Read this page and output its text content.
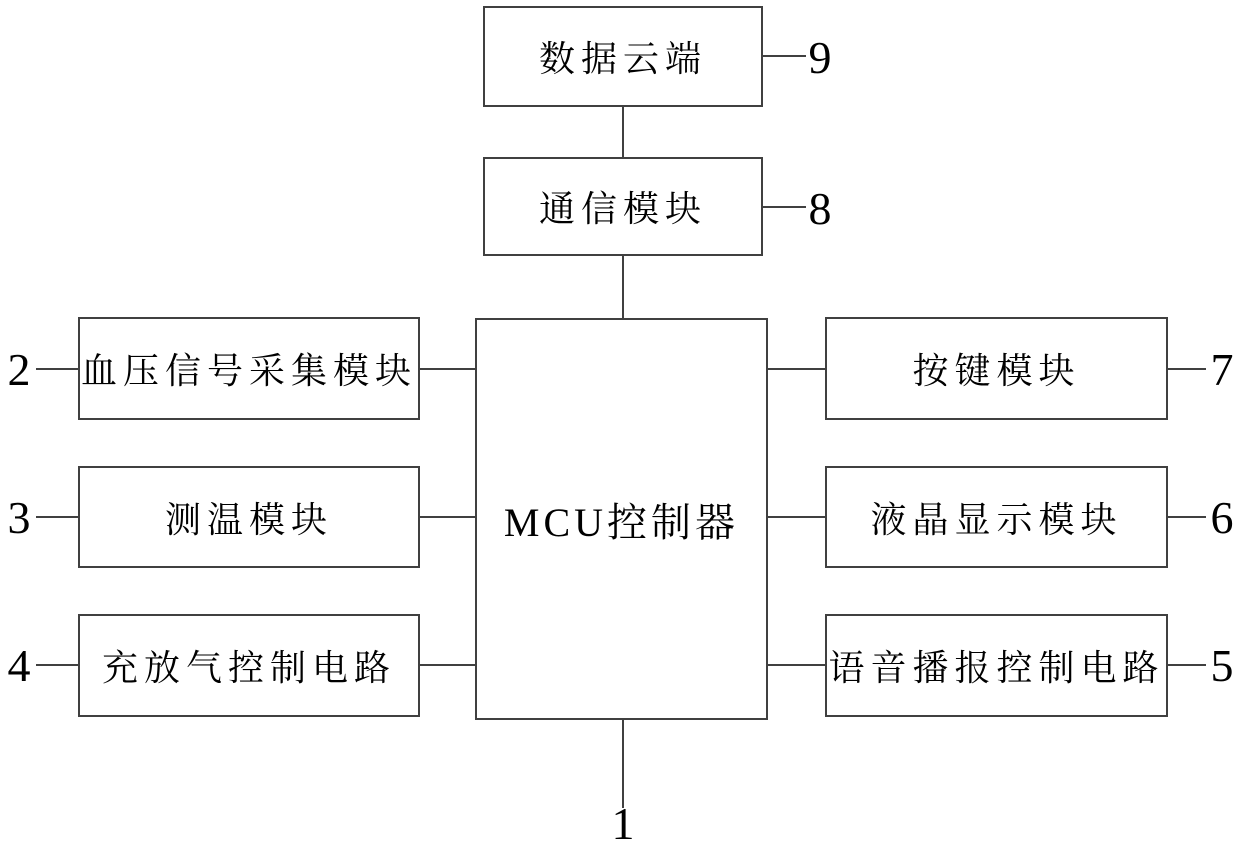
数据云端
通信模块
MCU控制器
血压信号采集模块
测温模块
充放气控制电路
按键模块
液晶显示模块
语音播报控制电路
9
8
2
3
4
7
6
5
1
